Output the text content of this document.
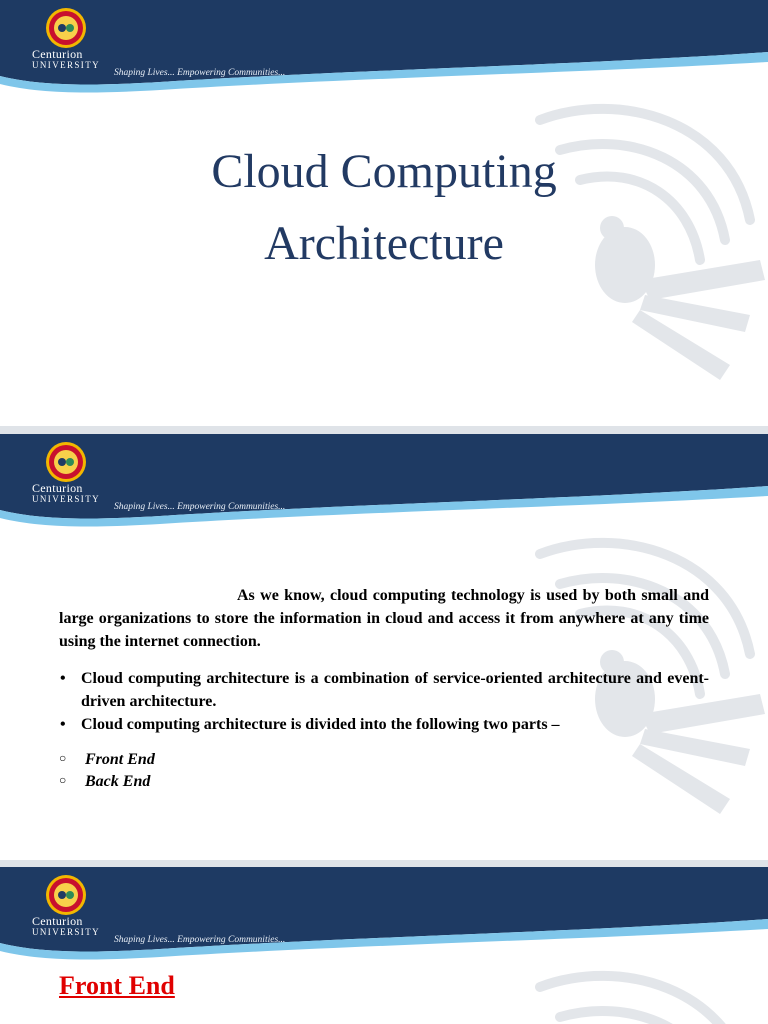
Centurion
UNIVERSITY
Shaping Lives... Empowering Communities...
Cloud Computing
Architecture
Centurion
UNIVERSITY
Shaping Lives... Empowering Communities...

As we know, cloud computing technology is used by both small and large organizations to store the information in cloud and access it from anywhere at any time using the internet connection.

• Cloud computing architecture is a combination of service-oriented architecture and event-driven architecture.
• Cloud computing architecture is divided into the following two parts –
○ Front End
○ Back End
Centurion
UNIVERSITY
Shaping Lives... Empowering Communities...
Front End
